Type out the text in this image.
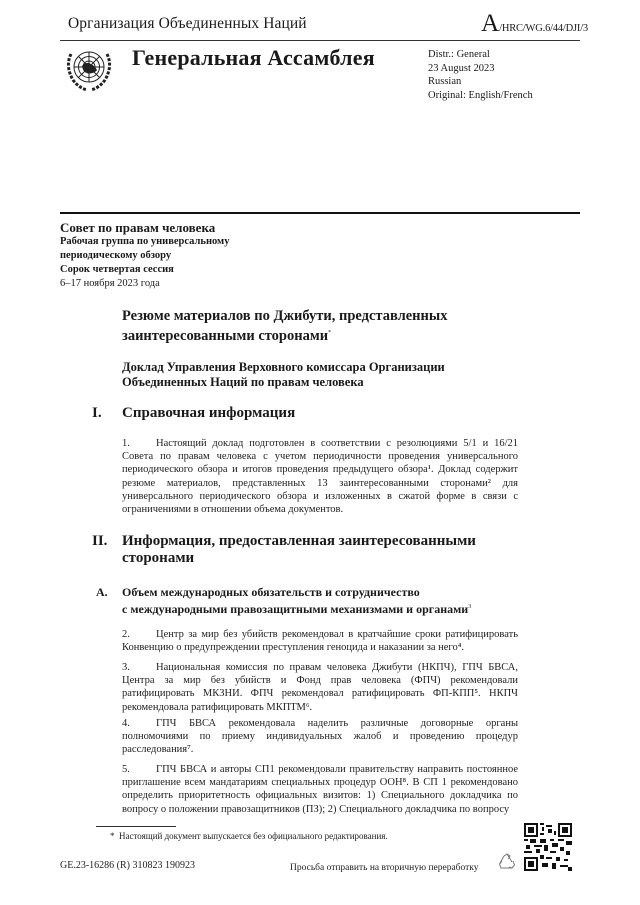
Организация Объединенных Наций	A/HRC/WG.6/44/DJI/3
Генеральная Ассамблея	Distr.: General
23 August 2023
Russian
Original: English/French
Совет по правам человека
Рабочая группа по универсальному
периодическому обзору
Сорок четвертая сессия
6–17 ноября 2023 года
Резюме материалов по Джибути, представленных
заинтересованными сторонами*
Доклад Управления Верховного комиссара Организации
Объединенных Наций по правам человека
I. Справочная информация
1. Настоящий доклад подготовлен в соответствии с резолюциями 5/1 и 16/21 Совета по правам человека с учетом периодичности проведения универсального периодического обзора и итогов проведения предыдущего обзора¹. Доклад содержит резюме материалов, представленных 13 заинтересованными сторонами² для универсального периодического обзора и изложенных в сжатой форме в связи с ограничениями в отношении объема документов.
II. Информация, предоставленная заинтересованными сторонами
A. Объем международных обязательств и сотрудничество
с международными правозащитными механизмами и органами$^3$
2. Центр за мир без убийств рекомендовал в кратчайшие сроки ратифицировать Конвенцию о предупреждении преступления геноцида и наказании за него⁴.
3. Национальная комиссия по правам человека Джибути (НКПЧ), ГПЧ БВСА, Центра за мир без убийств и Фонд прав человека (ФПЧ) рекомендовали ратифицировать МКЗНИ. ФПЧ рекомендовал ратифицировать ФП-КПП⁵. НКПЧ рекомендовала ратифицировать МКПТМ⁶.
4. ГПЧ БВСА рекомендовала наделить различные договорные органы полномочиями по приему индивидуальных жалоб и проведению процедур расследования⁷.
5. ГПЧ БВСА и авторы СП1 рекомендовали правительству направить постоянное приглашение всем мандатариям специальных процедур ООН⁸. В СП 1 рекомендовано определить приоритетность официальных визитов: 1) Специального докладчика по вопросу о положении правозащитников (ПЗ); 2) Специального докладчика по вопросу
* Настоящий документ выпускается без официального редактирования.
GE.23-16286 (R) 310823 190923	Просьба отправить на вторичную переработку
